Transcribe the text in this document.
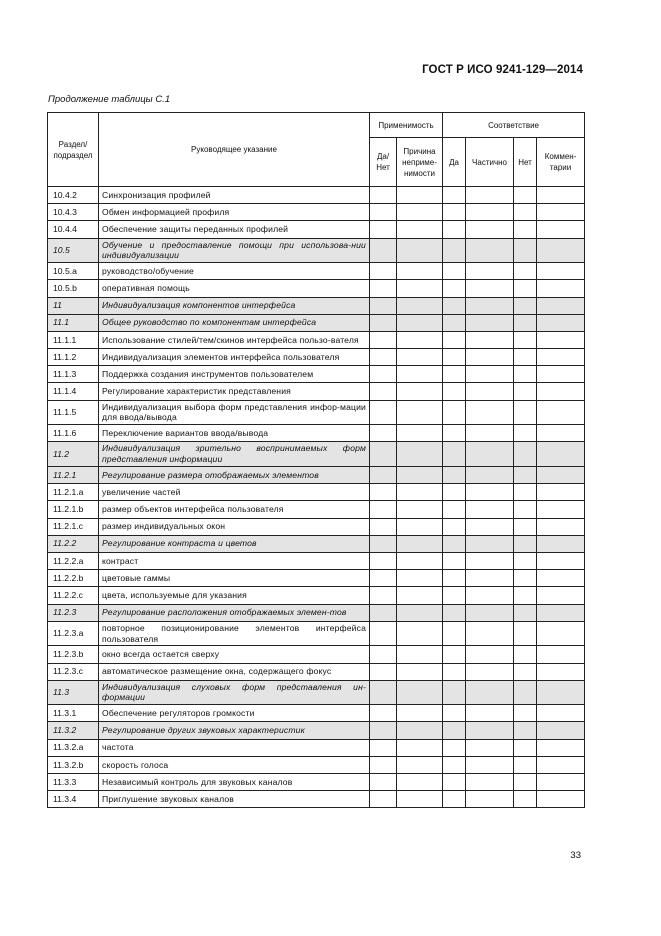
ГОСТ Р ИСО 9241-129—2014
Продолжение таблицы С.1
Раздел/ подраздел	Руководящее указание	Применимость		Соответствие			
		Да/ Нет	Причина неприме-нимости	Да	Частично	Нет	Коммен-тарии
10.4.2	Синхронизация профилей						
10.4.3	Обмен информацией профиля						
10.4.4	Обеспечение защиты переданных профилей						
10.5	Обучение и предоставление помощи при использова-нии индивидуализации						
10.5.a	руководство/обучение						
10.5.b	оперативная помощь						
11	Индивидуализация компонентов интерфейса						
11.1	Общее руководство по компонентам интерфейса						
11.1.1	Использование стилей/тем/скинов интерфейса пользо-вателя						
11.1.2	Индивидуализация элементов интерфейса пользователя						
11.1.3	Поддержка создания инструментов пользователем						
11.1.4	Регулирование характеристик представления						
11.1.5	Индивидуализация выбора форм представления инфор-мации для ввода/вывода						
11.1.6	Переключение вариантов ввода/вывода						
11.2	Индивидуализация зрительно воспринимаемых форм представления информации						
11.2.1	Регулирование размера отображаемых элементов						
11.2.1.a	увеличение частей						
11.2.1.b	размер объектов интерфейса пользователя						
11.2.1.c	размер индивидуальных окон						
11.2.2	Регулирование контраста и цветов						
11.2.2.a	контраст						
11.2.2.b	цветовые гаммы						
11.2.2.c	цвета, используемые для указания						
11.2.3	Регулирование расположения отображаемых элемен-тов						
11.2.3.a	повторное позиционирование элементов интерфейса пользователя						
11.2.3.b	окно всегда остается сверху						
11.2.3.c	автоматическое размещение окна, содержащего фокус						
11.3	Индивидуализация слуховых форм представления ин-формации						
11.3.1	Обеспечение регуляторов громкости						
11.3.2	Регулирование других звуковых характеристик						
11.3.2.a	частота						
11.3.2.b	скорость голоса						
11.3.3	Независимый контроль для звуковых каналов						
11.3.4	Приглушение звуковых каналов						
33
